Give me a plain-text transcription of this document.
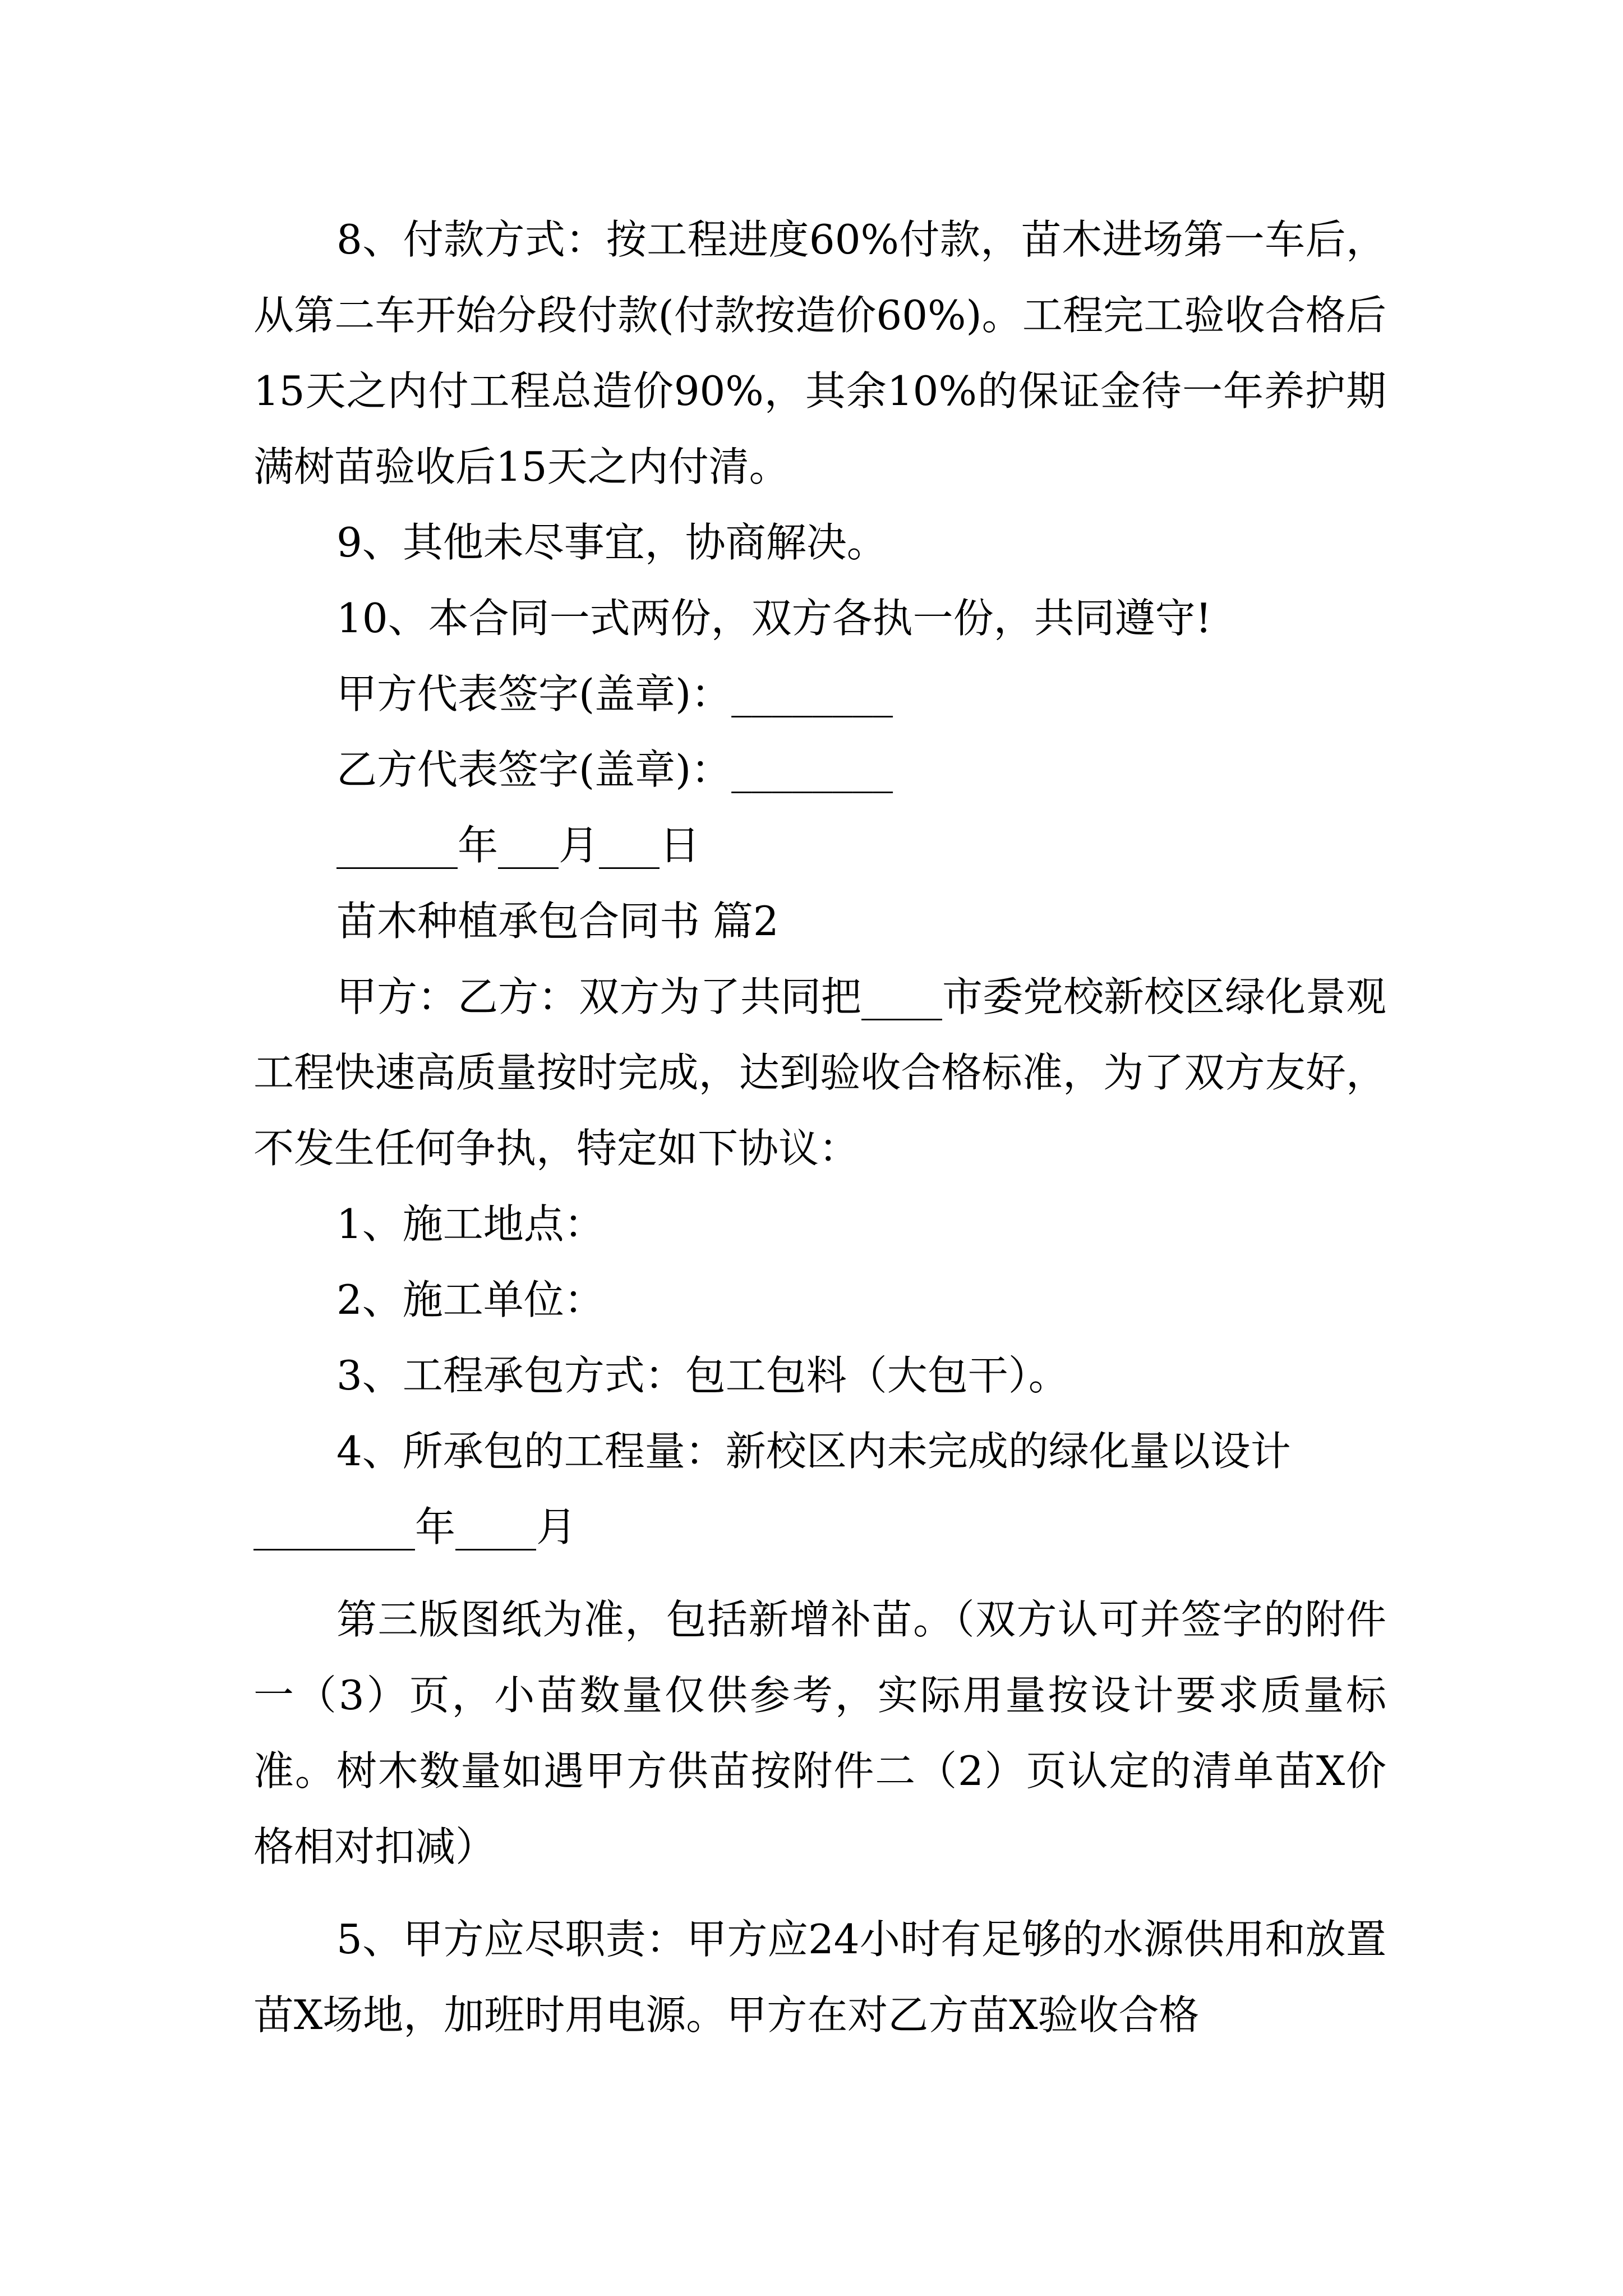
8、付款方式：按工程进度60%付款，苗木进场第一车后，从第二车开始分段付款(付款按造价60%)。工程完工验收合格后15天之内付工程总造价90%，其余10%的保证金待一年养护期满树苗验收后15天之内付清。

9、其他未尽事宜，协商解决。

10、本合同一式两份，双方各执一份，共同遵守!

甲方代表签字(盖章)：________

乙方代表签字(盖章)：________

______年___月___日

苗木种植承包合同书 篇2

甲方：乙方：双方为了共同把____市委党校新校区绿化景观工程快速高质量按时完成，达到验收合格标准，为了双方友好，不发生任何争执，特定如下协议：

1、施工地点：

2、施工单位：

3、工程承包方式：包工包料（大包干）。

4、所承包的工程量：新校区内未完成的绿化量以设计

________年____月

第三版图纸为准，包括新增补苗。（双方认可并签字的附件一（3）页，小苗数量仅供参考，实际用量按设计要求质量标准。树木数量如遇甲方供苗按附件二（2）页认定的清单苗X价格相对扣减）

5、甲方应尽职责：甲方应24小时有足够的水源供用和放置苗X场地，加班时用电源。甲方在对乙方苗X验收合格
